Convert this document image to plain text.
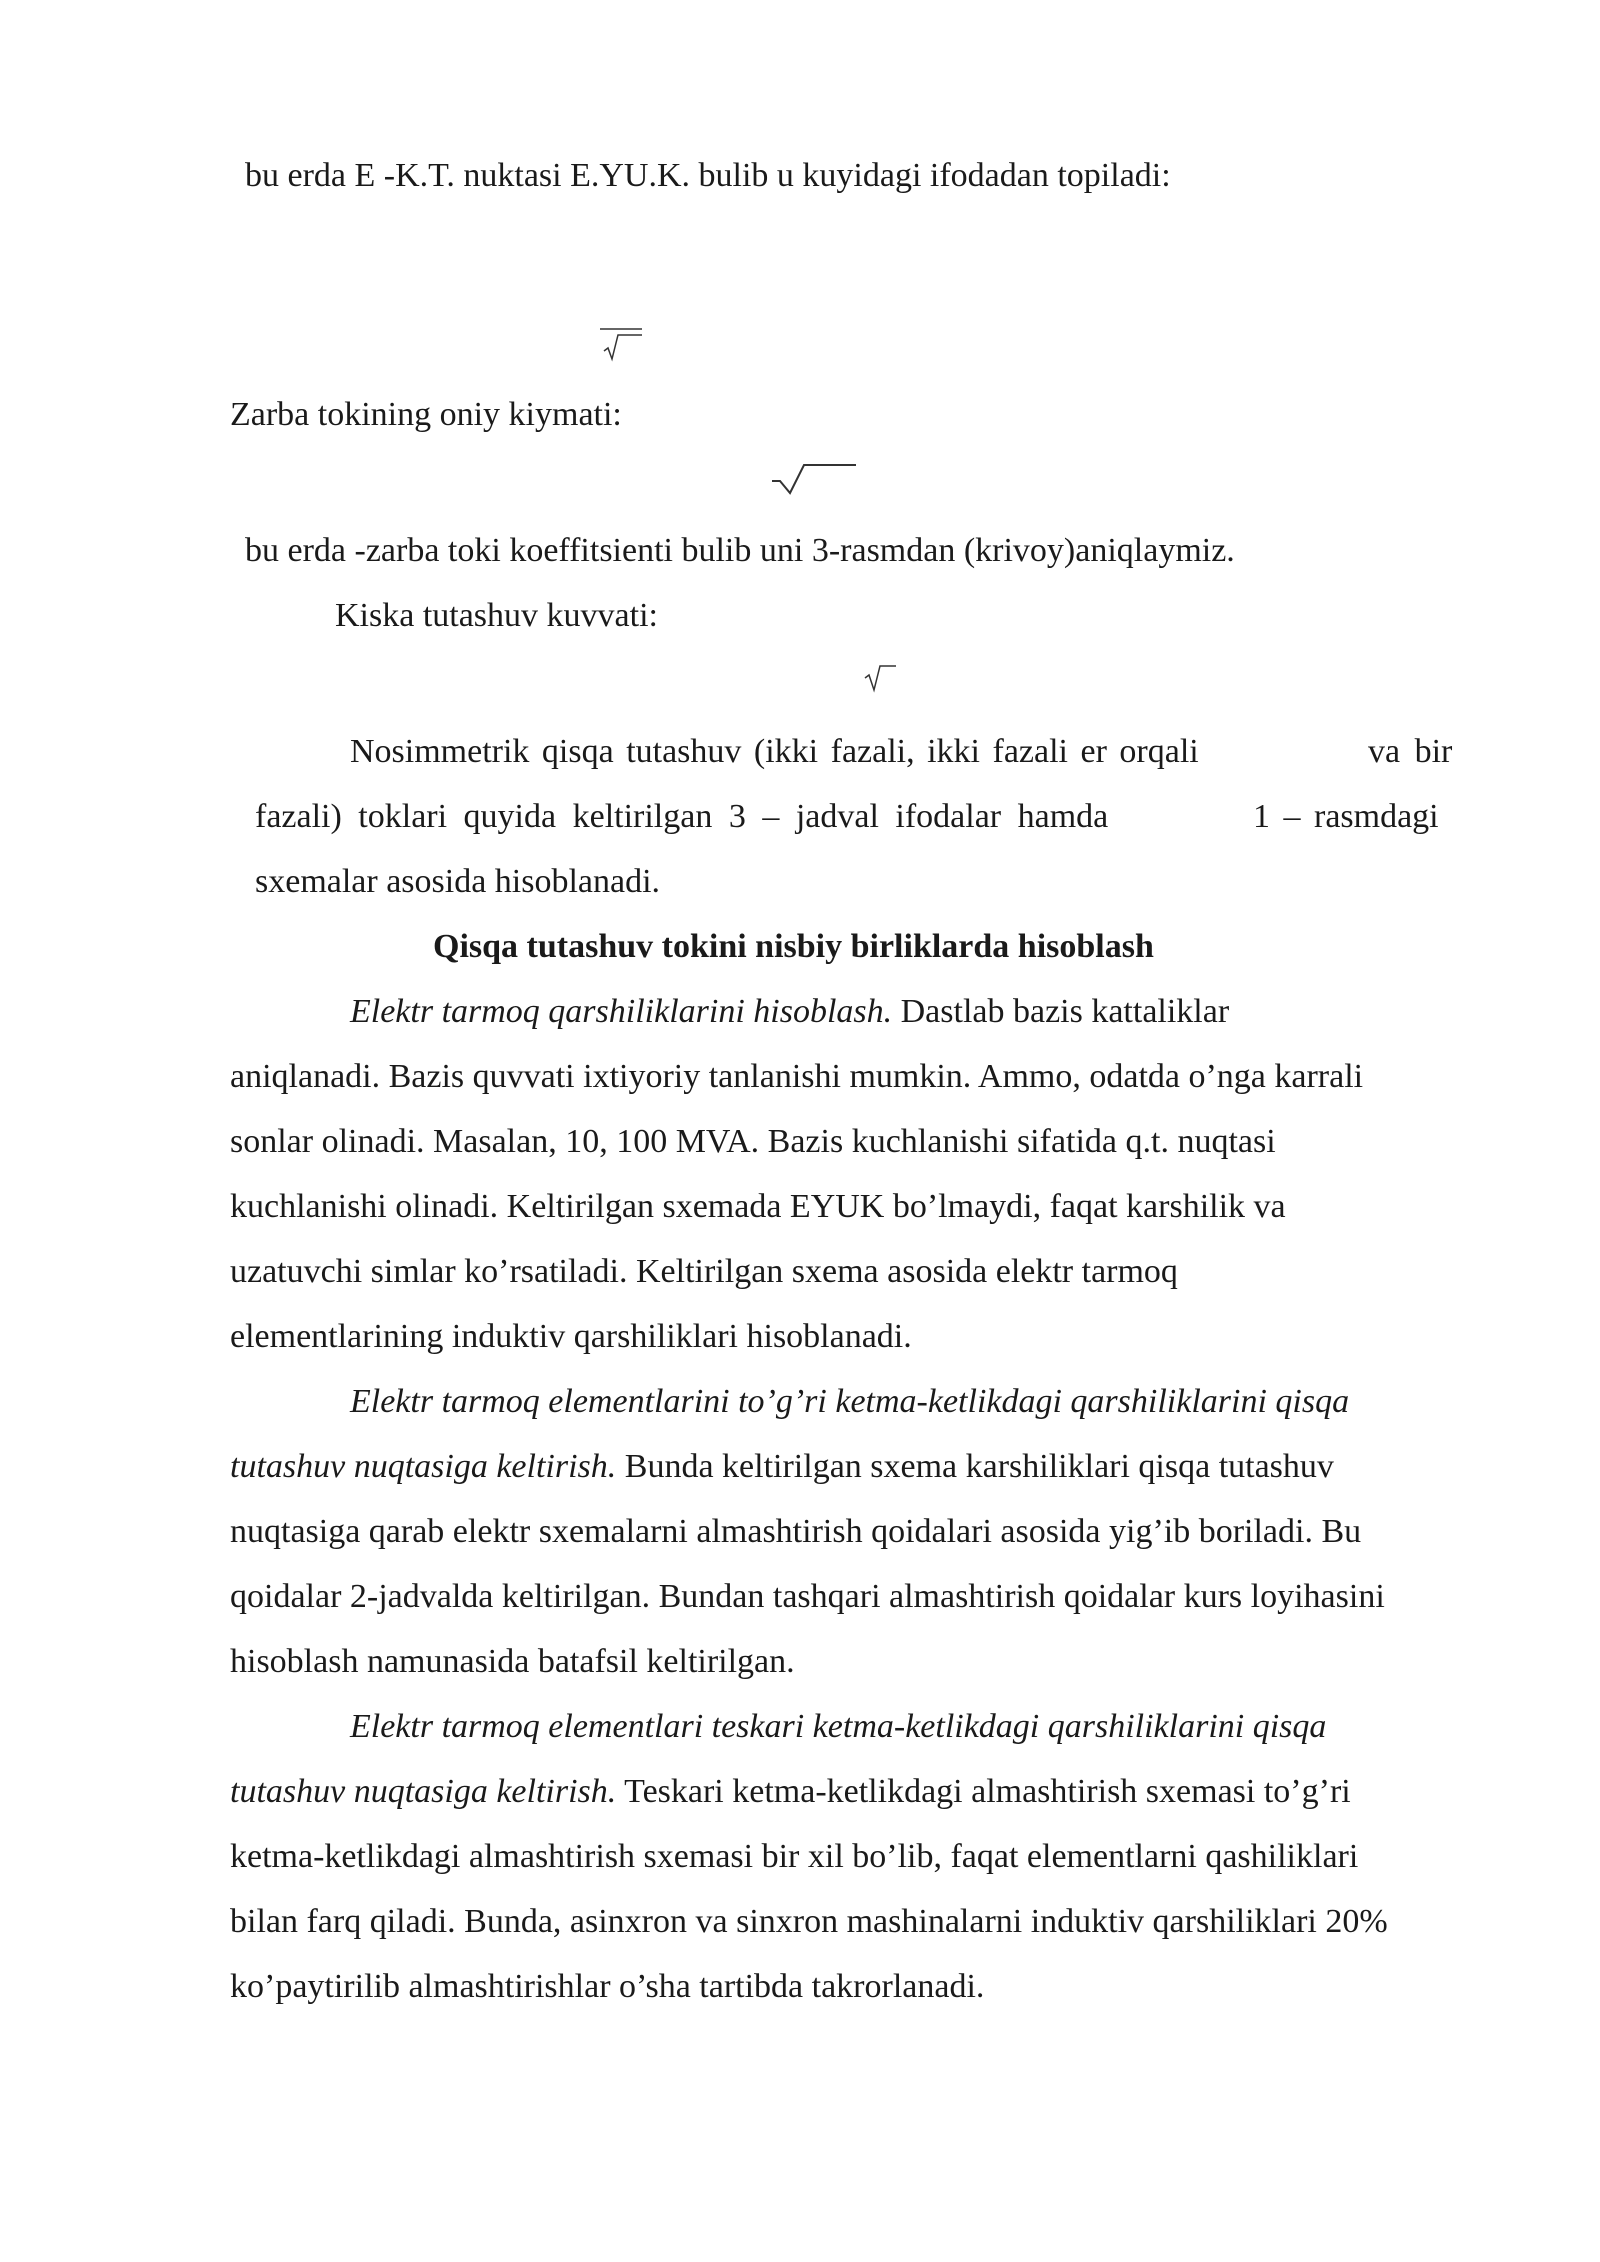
bu erda E -K.T. nuktasi E.YU.K. bulib u kuyidagi ifodadan topiladi:
Zarba tokining oniy kiymati:
bu erda -zarba toki koeffitsienti bulib uni 3-rasmdan (krivoy)aniqlaymiz.
Kiska tutashuv kuvvati:
Nosimmetrik qisqa tutashuv (ikki fazali, ikki fazali er orqali	va bir
fazali) toklari quyida keltirilgan 3 – jadval ifodalar hamda	1 – rasmdagi
sxemalar asosida hisoblanadi.
Qisqa tutashuv tokini nisbiy birliklarda hisoblash
Elektr tarmoq qarshiliklarini hisoblash. Dastlab bazis kattaliklar
aniqlanadi. Bazis quvvati ixtiyoriy tanlanishi mumkin. Ammo, odatda o’nga karrali
sonlar olinadi. Masalan, 10, 100 MVA. Bazis kuchlanishi sifatida q.t. nuqtasi
kuchlanishi olinadi. Keltirilgan sxemada EYUK bo’lmaydi, faqat karshilik va
uzatuvchi simlar ko’rsatiladi. Keltirilgan sxema asosida elektr tarmoq
elementlarining induktiv qarshiliklari hisoblanadi.
Elektr tarmoq elementlarini to’g’ri ketma-ketlikdagi qarshiliklarini qisqa
tutashuv nuqtasiga keltirish. Bunda keltirilgan sxema karshiliklari qisqa tutashuv
nuqtasiga qarab elektr sxemalarni almashtirish qoidalari asosida yig’ib boriladi. Bu
qoidalar 2-jadvalda keltirilgan. Bundan tashqari almashtirish qoidalar kurs loyihasini
hisoblash namunasida batafsil keltirilgan.
Elektr tarmoq elementlari teskari ketma-ketlikdagi qarshiliklarini qisqa
tutashuv nuqtasiga keltirish. Teskari ketma-ketlikdagi almashtirish sxemasi to’g’ri
ketma-ketlikdagi almashtirish sxemasi bir xil bo’lib, faqat elementlarni qashiliklari
bilan farq qiladi. Bunda, asinxron va sinxron mashinalarni induktiv qarshiliklari 20%
ko’paytirilib almashtirishlar o’sha tartibda takrorlanadi.
